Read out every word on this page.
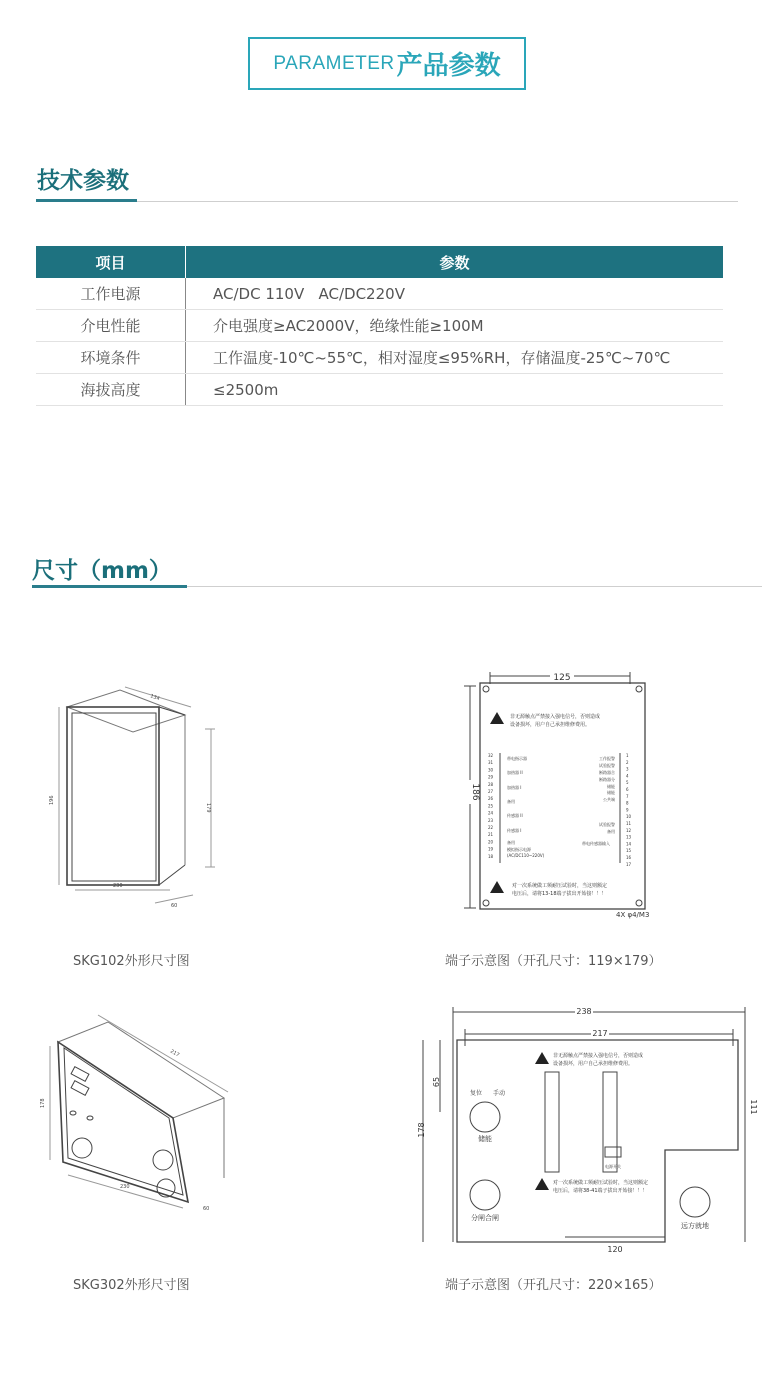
PARAMETER 产品参数
技术参数
项目	参数
工作电源	AC/DC 110V   AC/DC220V
介电性能	介电强度≥AC2000V，绝缘性能≥100M
环境条件	工作温度-10℃~55℃，相对湿度≤95%RH，存储温度-25℃~70℃
海拔高度	≤2500m
尺寸（mm）
134
196
179
230
60
125
186
非无源触点严禁接入强电信号，否则造成
设备损坏，用户自己承担维修费用。
32
31
30
29
28
27
26
25
24
23
22
21
20
19
18
1
2
3
4
5
6
7
8
9
10
11
12
13
14
15
16
17
带电指示器
加热器 II
加热器 I
备用
传感器 II
传感器 I
备用
模拟指示电源
(AC/DC110~220V)
工作报警
试验报警
断路器合
断路器分
储能
储能
公共端
试验报警
备用
带电传感器输入
对一次系统做工频耐压试验时，当这则额定
电压后，请将13-18端子拔出开始接！！！
4X φ4/M3
178
217
230
60
238
217
178
65
111
120
非无源触点严禁接入强电信号，否则造成
设备损坏，用户自己承担维修费用。
对一次系统做工频耐压试验时，当这则额定
电压后，请将38-41端子拔出开始接！！！
复位 手动
储能
分闸合闸
远方就地
电源开关
SKG102外形尺寸图	端子示意图（开孔尺寸：119×179）
SKG302外形尺寸图	端子示意图（开孔尺寸：220×165）
